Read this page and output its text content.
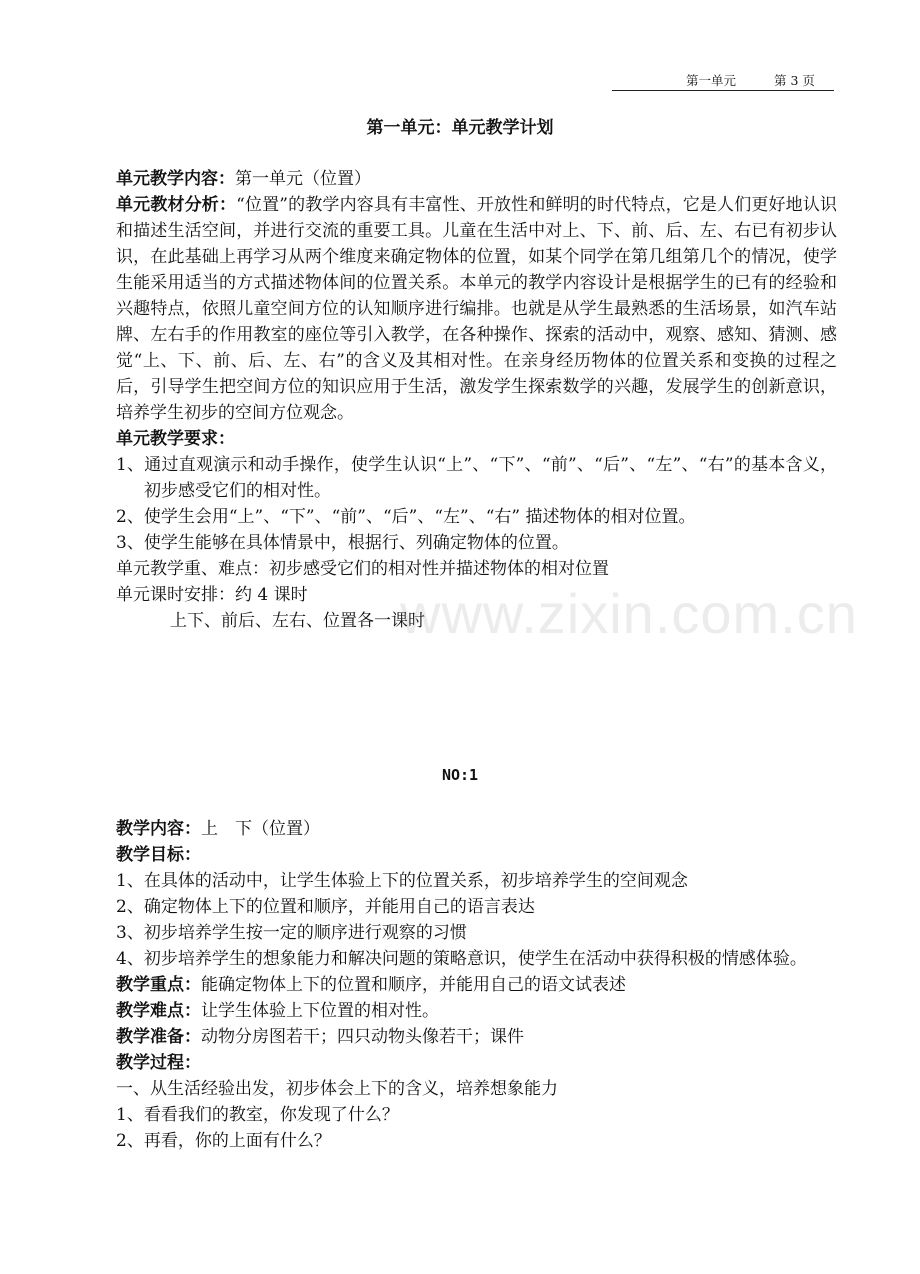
第一单元	第 3 页
第一单元：单元教学计划

单元教学内容：第一单元（位置）

单元教材分析：“位置”的教学内容具有丰富性、开放性和鲜明的时代特点，它是人们更好地认识和描述生活空间，并进行交流的重要工具。儿童在生活中对上、下、前、后、左、右已有初步认识，在此基础上再学习从两个维度来确定物体的位置，如某个同学在第几组第几个的情况，使学生能采用适当的方式描述物体间的位置关系。本单元的教学内容设计是根据学生的已有的经验和兴趣特点，依照儿童空间方位的认知顺序进行编排。也就是从学生最熟悉的生活场景，如汽车站牌、左右手的作用教室的座位等引入教学，在各种操作、探索的活动中，观察、感知、猜测、感觉“上、下、前、后、左、右”的含义及其相对性。在亲身经历物体的位置关系和变换的过程之后，引导学生把空间方位的知识应用于生活，激发学生探索数学的兴趣，发展学生的创新意识，培养学生初步的空间方位观念。

单元教学要求：

1、通过直观演示和动手操作，使学生认识“上”、“下”、“前”、“后”、“左”、“右”的基本含义，初步感受它们的相对性。

2、使学生会用“上”、“下”、“前”、“后”、“左”、“右” 描述物体的相对位置。

3、使学生能够在具体情景中，根据行、列确定物体的位置。

单元教学重、难点：初步感受它们的相对性并描述物体的相对位置

单元课时安排：约 4 课时

上下、前后、左右、位置各一课时

www.zixin.com.cn
NO:1

教学内容：上　下（位置）

教学目标：

1、在具体的活动中，让学生体验上下的位置关系，初步培养学生的空间观念

2、确定物体上下的位置和顺序，并能用自己的语言表达

3、初步培养学生按一定的顺序进行观察的习惯

4、初步培养学生的想象能力和解决问题的策略意识，使学生在活动中获得积极的情感体验。

教学重点：能确定物体上下的位置和顺序，并能用自己的语文试表述

教学难点：让学生体验上下位置的相对性。

教学准备：动物分房图若干；四只动物头像若干；课件

教学过程：

一、从生活经验出发，初步体会上下的含义，培养想象能力

1、看看我们的教室，你发现了什么？

2、再看，你的上面有什么？
